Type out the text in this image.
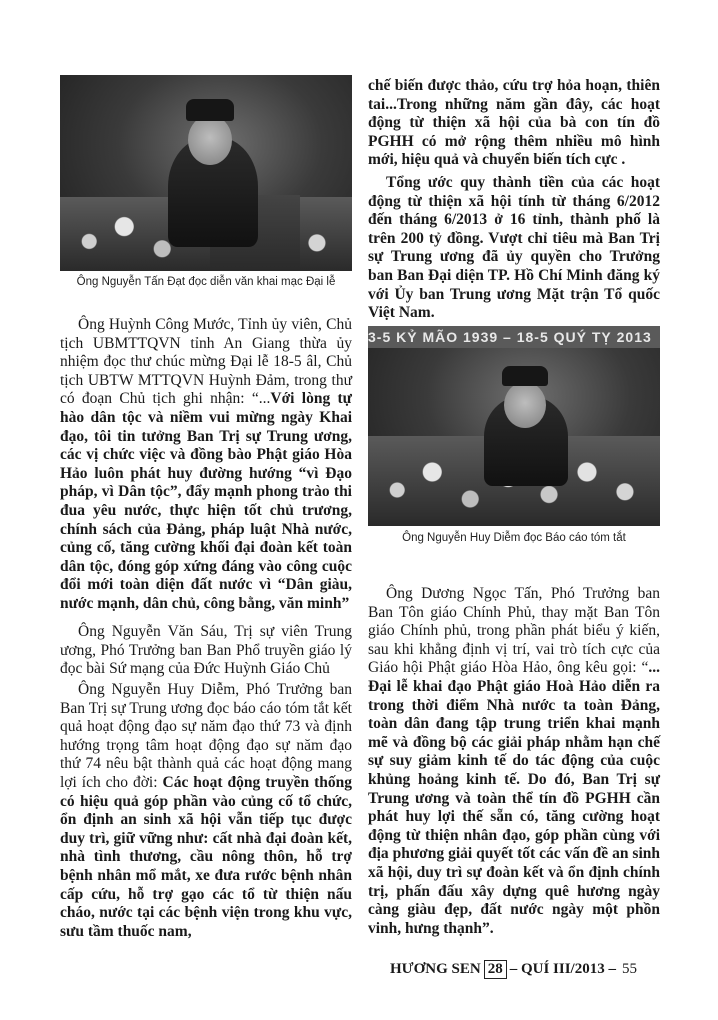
Ông Nguyễn Tấn Đạt đọc diễn văn khai mạc Đại lễ

Ông Huỳnh Công Mước, Tỉnh ủy viên, Chủ tịch UBMTTQVN tỉnh An Giang thừa ủy nhiệm đọc thư chúc mừng Đại lễ 18-5 âl, Chủ tịch UBTW MTTQVN Huỳnh Đảm, trong thư có đoạn Chủ tịch ghi nhận: “...Với lòng tự hào dân tộc và niềm vui mừng ngày Khai đạo, tôi tin tưởng Ban Trị sự Trung ương, các vị chức việc và đồng bào Phật giáo Hòa Hảo luôn phát huy đường hướng “vì Đạo pháp, vì Dân tộc”, đẩy mạnh phong trào thi đua yêu nước, thực hiện tốt chủ trương, chính sách của Đảng, pháp luật Nhà nước, củng cố, tăng cường khối đại đoàn kết toàn dân tộc, đóng góp xứng đáng vào công cuộc đổi mới toàn diện đất nước vì “Dân giàu, nước mạnh, dân chủ, công bằng, văn minh”

Ông Nguyễn Văn Sáu, Trị sự viên Trung ương, Phó Trưởng ban Ban Phổ truyền giáo lý đọc bài Sứ mạng của Đức Huỳnh Giáo Chủ

Ông Nguyễn Huy Diễm, Phó Trưởng ban Ban Trị sự Trung ương đọc báo cáo tóm tắt kết quả hoạt động đạo sự năm đạo thứ 73 và định hướng trọng tâm hoạt động đạo sự năm đạo thứ 74 nêu bật thành quả các hoạt động mang lợi ích cho đời: Các hoạt động truyền thống có hiệu quả góp phần vào củng cố tổ chức, ổn định an sinh xã hội vẫn tiếp tục được duy trì, giữ vững như: cất nhà đại đoàn kết, nhà tình thương, cầu nông thôn, hỗ trợ bệnh nhân mổ mắt, xe đưa rước bệnh nhân cấp cứu, hỗ trợ gạo các tổ từ thiện nấu cháo, nước tại các bệnh viện trong khu vực, sưu tầm thuốc nam,

chế biến được thảo, cứu trợ hỏa hoạn, thiên tai...Trong những năm gần đây, các hoạt động từ thiện xã hội của bà con tín đồ PGHH có mở rộng thêm nhiều mô hình mới, hiệu quả và chuyển biến tích cực .

Tổng ước quy thành tiền của các hoạt động từ thiện xã hội tính từ tháng 6/2012 đến tháng 6/2013 ở 16 tỉnh, thành phố là trên 200 tỷ đồng. Vượt chỉ tiêu mà Ban Trị sự Trung ương đã ủy quyền cho Trưởng ban Ban Đại diện TP. Hồ Chí Minh đăng ký với Ủy ban Trung ương Mặt trận Tổ quốc Việt Nam.

3-5 KỶ MÃO 1939 – 18-5 QUÝ TỴ 2013
Ông Nguyễn Huy Diễm đọc Báo cáo tóm tắt

Ông Dương Ngọc Tấn, Phó Trưởng ban Ban Tôn giáo Chính Phủ, thay mặt Ban Tôn giáo Chính phủ, trong phần phát biểu ý kiến, sau khi khẳng định vị trí, vai trò tích cực của Giáo hội Phật giáo Hòa Hảo, ông kêu gọi: “... Đại lễ khai đạo Phật giáo Hoà Hảo diễn ra trong thời điểm Nhà nước ta toàn Đảng, toàn dân đang tập trung triển khai mạnh mẽ và đồng bộ các giải pháp nhằm hạn chế sự suy giảm kinh tế do tác động của cuộc khủng hoảng kinh tế. Do đó, Ban Trị sự Trung ương và toàn thể tín đồ PGHH cần phát huy lợi thế sẵn có, tăng cường hoạt động từ thiện nhân đạo, góp phần cùng với địa phương giải quyết tốt các vấn đề an sinh xã hội, duy trì sự đoàn kết và ổn định chính trị, phấn đấu xây dựng quê hương ngày càng giàu đẹp, đất nước ngày một phồn vinh, hưng thạnh”.

HƯƠNG SEN 28 – QUÍ III/2013 – 55
